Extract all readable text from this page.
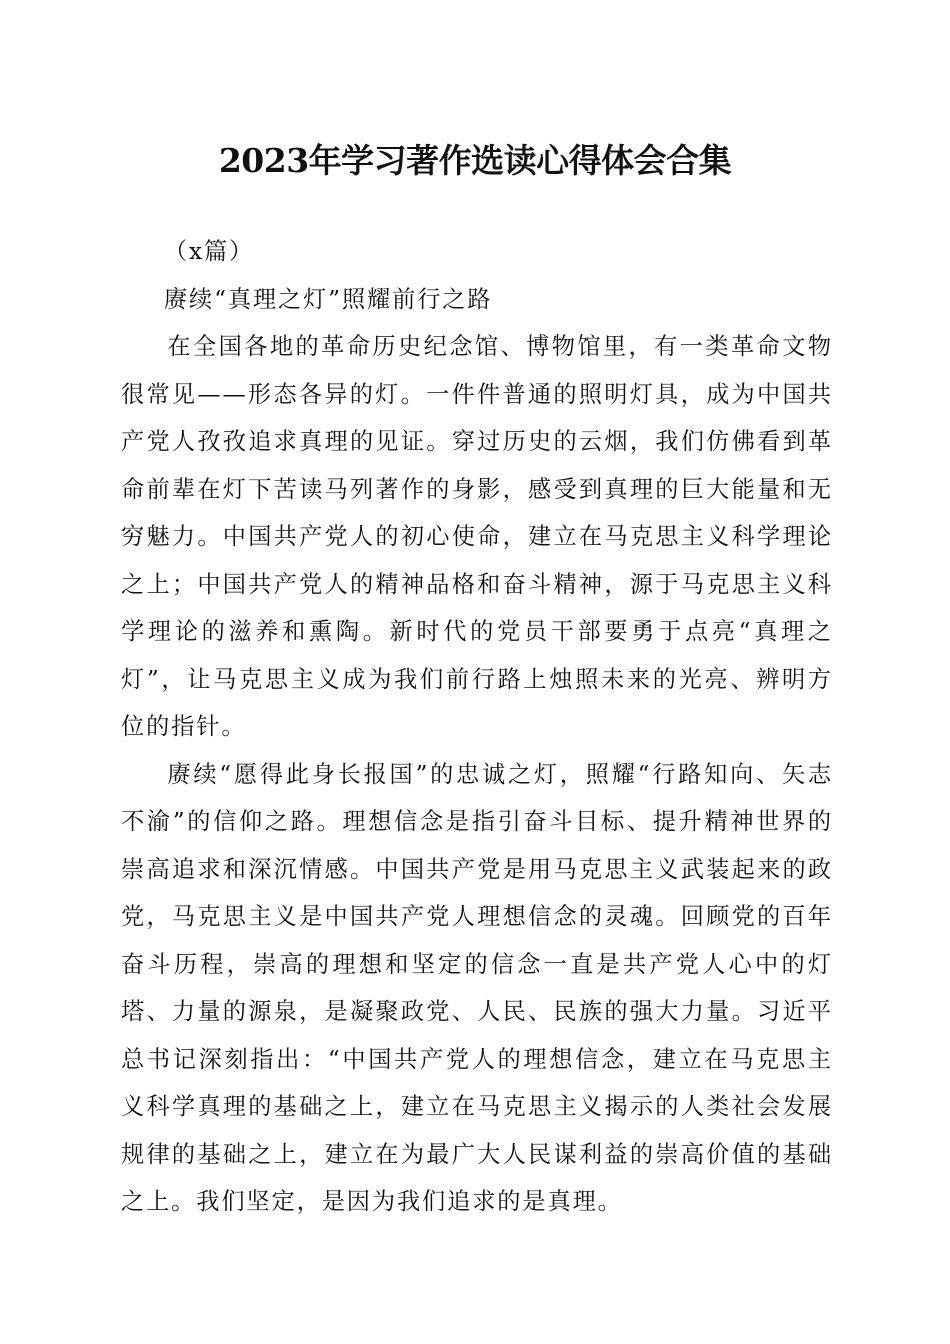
2023年学习著作选读心得体会合集

（x篇）

赓续“真理之灯”照耀前行之路

在全国各地的革命历史纪念馆、博物馆里，有一类革命文物很常见——形态各异的灯。一件件普通的照明灯具，成为中国共产党人孜孜追求真理的见证。穿过历史的云烟，我们仿佛看到革命前辈在灯下苦读马列著作的身影，感受到真理的巨大能量和无穷魅力。中国共产党人的初心使命，建立在马克思主义科学理论之上；中国共产党人的精神品格和奋斗精神，源于马克思主义科学理论的滋养和熏陶。新时代的党员干部要勇于点亮“真理之灯”，让马克思主义成为我们前行路上烛照未来的光亮、辨明方位的指针。

赓续“愿得此身长报国”的忠诚之灯，照耀“行路知向、矢志不渝”的信仰之路。理想信念是指引奋斗目标、提升精神世界的崇高追求和深沉情感。中国共产党是用马克思主义武装起来的政党，马克思主义是中国共产党人理想信念的灵魂。回顾党的百年奋斗历程，崇高的理想和坚定的信念一直是共产党人心中的灯塔、力量的源泉，是凝聚政党、人民、民族的强大力量。习近平总书记深刻指出：“中国共产党人的理想信念，建立在马克思主义科学真理的基础之上，建立在马克思主义揭示的人类社会发展规律的基础之上，建立在为最广大人民谋利益的崇高价值的基础之上。我们坚定，是因为我们追求的是真理。
